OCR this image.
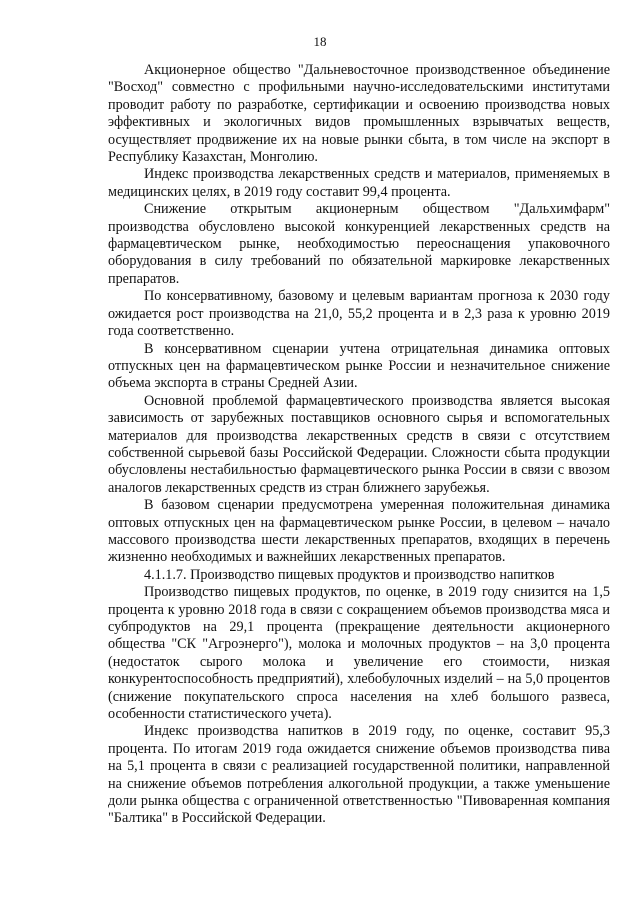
18

Акционерное общество "Дальневосточное производственное объединение "Восход" совместно с профильными научно-исследовательскими институтами проводит работу по разработке, сертификации и освоению производства новых эффективных и экологичных видов промышленных взрывчатых веществ, осуществляет продвижение их на новые рынки сбыта, в том числе на экспорт в Республику Казахстан, Монголию.

Индекс производства лекарственных средств и материалов, применяемых в медицинских целях, в 2019 году составит 99,4 процента.

Снижение открытым акционерным обществом "Дальхимфарм" производства обусловлено высокой конкуренцией лекарственных средств на фармацевтическом рынке, необходимостью переоснащения упаковочного оборудования в силу требований по обязательной маркировке лекарственных препаратов.

По консервативному, базовому и целевым вариантам прогноза к 2030 году ожидается рост производства на 21,0, 55,2 процента и в 2,3 раза к уровню 2019 года соответственно.

В консервативном сценарии учтена отрицательная динамика оптовых отпускных цен на фармацевтическом рынке России и незначительное снижение объема экспорта в страны Средней Азии.

Основной проблемой фармацевтического производства является высокая зависимость от зарубежных поставщиков основного сырья и вспомогательных материалов для производства лекарственных средств в связи с отсутствием собственной сырьевой базы Российской Федерации. Сложности сбыта продукции обусловлены нестабильностью фармацевтического рынка России в связи с ввозом аналогов лекарственных средств из стран ближнего зарубежья.

В базовом сценарии предусмотрена умеренная положительная динамика оптовых отпускных цен на фармацевтическом рынке России, в целевом – начало массового производства шести лекарственных препаратов, входящих в перечень жизненно необходимых и важнейших лекарственных препаратов.

4.1.1.7. Производство пищевых продуктов и производство напитков

Производство пищевых продуктов, по оценке, в 2019 году снизится на 1,5 процента к уровню 2018 года в связи с сокращением объемов производства мяса и субпродуктов на 29,1 процента (прекращение деятельности акционерного общества "СК "Агроэнерго"), молока и молочных продуктов – на 3,0 процента (недостаток сырого молока и увеличение его стоимости, низкая конкурентоспособность предприятий), хлебобулочных изделий – на 5,0 процентов (снижение покупательского спроса населения на хлеб большого развеса, особенности статистического учета).

Индекс производства напитков в 2019 году, по оценке, составит 95,3 процента. По итогам 2019 года ожидается снижение объемов производства пива на 5,1 процента в связи с реализацией государственной политики, направленной на снижение объемов потребления алкогольной продукции, а также уменьшение доли рынка общества с ограниченной ответственностью "Пивоваренная компания "Балтика" в Российской Федерации.
